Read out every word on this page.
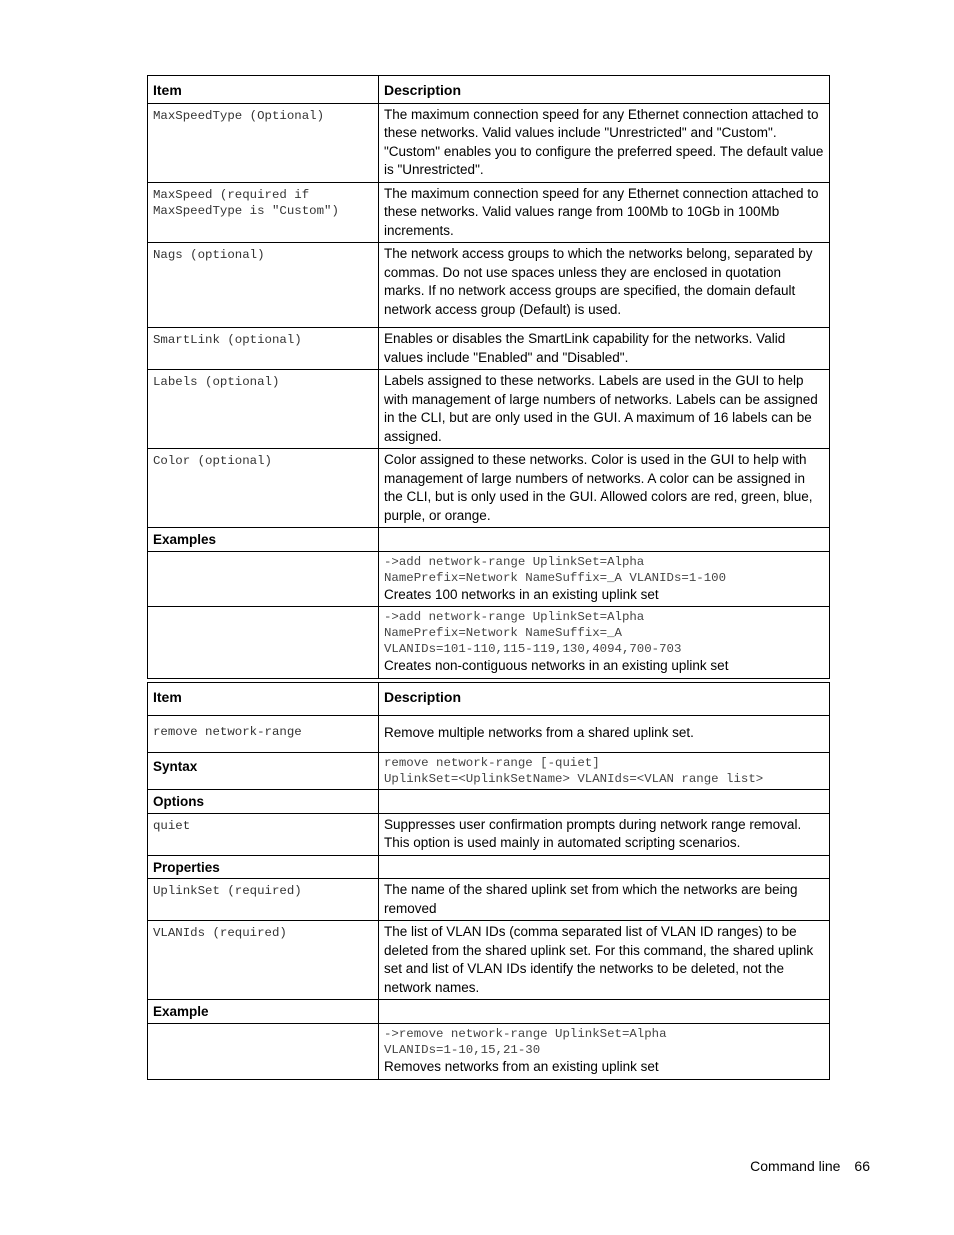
Item	Description
MaxSpeedType (Optional)	The maximum connection speed for any Ethernet connection attached to these networks. Valid values include "Unrestricted" and "Custom". "Custom" enables you to configure the preferred speed. The default value is "Unrestricted".
MaxSpeed (required if
MaxSpeedType is "Custom")	The maximum connection speed for any Ethernet connection attached to these networks. Valid values range from 100Mb to 10Gb in 100Mb increments.
Nags (optional)	The network access groups to which the networks belong, separated by commas. Do not use spaces unless they are enclosed in quotation marks. If no network access groups are specified, the domain default network access group (Default) is used.
SmartLink (optional)	Enables or disables the SmartLink capability for the networks. Valid values include "Enabled" and "Disabled".
Labels (optional)	Labels assigned to these networks. Labels are used in the GUI to help with management of large numbers of networks. Labels can be assigned in the CLI, but are only used in the GUI. A maximum of 16 labels can be assigned.
Color (optional)	Color assigned to these networks. Color is used in the GUI to help with management of large numbers of networks. A color can be assigned in the CLI, but is only used in the GUI. Allowed colors are red, green, blue, purple, or orange.
Examples	

	->add network-range UplinkSet=Alpha
NamePrefix=Network NameSuffix=_A VLANIDs=1-100
Creates 100 networks in an existing uplink set

	->add network-range UplinkSet=Alpha
NamePrefix=Network NameSuffix=_A
VLANIDs=101-110,115-119,130,4094,700-703
Creates non-contiguous networks in an existing uplink set
Item	Description
remove network-range	Remove multiple networks from a shared uplink set.
Syntax	remove network-range [-quiet]
UplinkSet=<UplinkSetName> VLANIds=<VLAN range list>

Options	
quiet	Suppresses user confirmation prompts during network range removal. This option is used mainly in automated scripting scenarios.
Properties	
UplinkSet (required)	The name of the shared uplink set from which the networks are being removed
VLANIds (required)	The list of VLAN IDs (comma separated list of VLAN ID ranges) to be deleted from the shared uplink set. For this command, the shared uplink set and list of VLAN IDs identify the networks to be deleted, not the network names.
Example	

	->remove network-range UplinkSet=Alpha
VLANIDs=1-10,15,21-30
Removes networks from an existing uplink set
Command line 66
